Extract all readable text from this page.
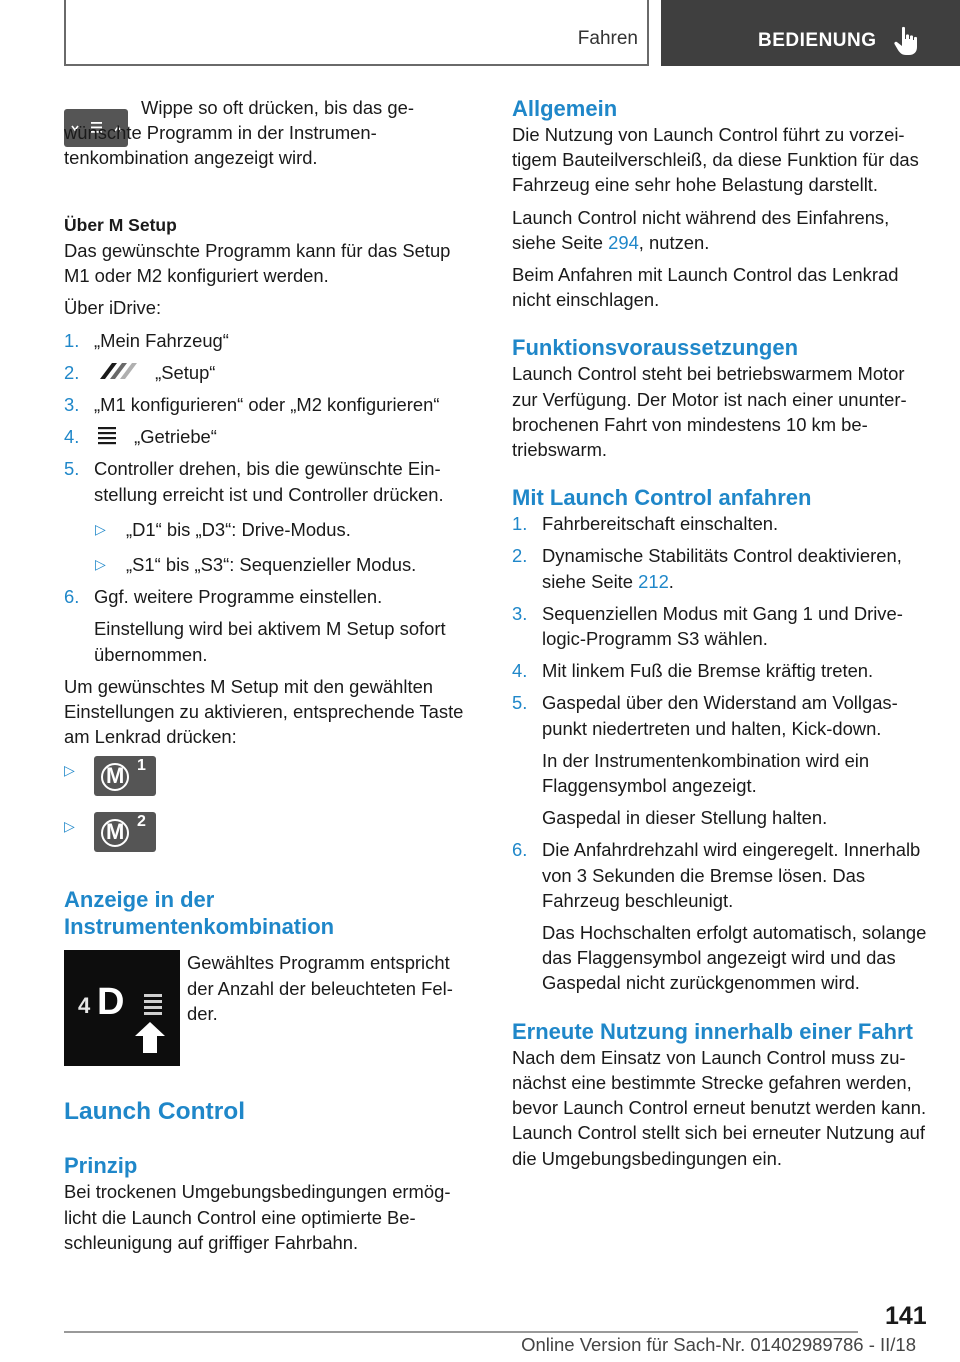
Fahren	BEDIENUNG
Wippe so oft drücken, bis das gewünschte Programm in der Instrumentenkombination angezeigt wird.
Über M Setup

Das gewünschte Programm kann für das Setup M1 oder M2 konfiguriert werden.

Über iDrive:

1. „Mein Fahrzeug“
2.	„Setup“
3. „M1 konfigurieren“ oder „M2 konfigurieren“
4.	„Getriebe“
5. Controller drehen, bis die gewünschte Einstellung erreicht ist und Controller drücken.
▷ „D1“ bis „D3“: Drive-Modus.
▷ „S1“ bis „S3“: Sequenzieller Modus.
6. Ggf. weitere Programme einstellen.
Einstellung wird bei aktivem M Setup sofort übernommen.

Um gewünschtes M Setup mit den gewählten Einstellungen zu aktivieren, entsprechende Taste am Lenkrad drücken:

▷ M 1
▷ M 2
Anzeige in der Instrumentenkombination
4 D
Gewähltes Programm entspricht der Anzahl der beleuchteten Felder.
Launch Control
Prinzip

Bei trockenen Umgebungsbedingungen ermöglicht die Launch Control eine optimierte Beschleunigung auf griffiger Fahrbahn.

Allgemein

Die Nutzung von Launch Control führt zu vorzeitigem Bauteilverschleiß, da diese Funktion für das Fahrzeug eine sehr hohe Belastung darstellt.

Launch Control nicht während des Einfahrens, siehe Seite 294, nutzen.

Beim Anfahren mit Launch Control das Lenkrad nicht einschlagen.

Funktionsvoraussetzungen

Launch Control steht bei betriebswarmem Motor zur Verfügung. Der Motor ist nach einer ununterbrochenen Fahrt von mindestens 10 km betriebswarm.

Mit Launch Control anfahren
1. Fahrbereitschaft einschalten.
2. Dynamische Stabilitäts Control deaktivieren, siehe Seite 212.
3. Sequenziellen Modus mit Gang 1 und Drivelogic-Programm S3 wählen.
4. Mit linkem Fuß die Bremse kräftig treten.
5. Gaspedal über den Widerstand am Vollgaspunkt niedertreten und halten, Kick-down.
In der Instrumentenkombination wird ein Flaggensymbol angezeigt.
Gaspedal in dieser Stellung halten.
6. Die Anfahrdrehzahl wird eingeregelt. Innerhalb von 3 Sekunden die Bremse lösen. Das Fahrzeug beschleunigt.
Das Hochschalten erfolgt automatisch, solange das Flaggensymbol angezeigt wird und das Gaspedal nicht zurückgenommen wird.
Erneute Nutzung innerhalb einer Fahrt

Nach dem Einsatz von Launch Control muss zunächst eine bestimmte Strecke gefahren werden, bevor Launch Control erneut benutzt werden kann. Launch Control stellt sich bei erneuter Nutzung auf die Umgebungsbedingungen ein.

141
Online Version für Sach-Nr. 01402989786 - II/18
